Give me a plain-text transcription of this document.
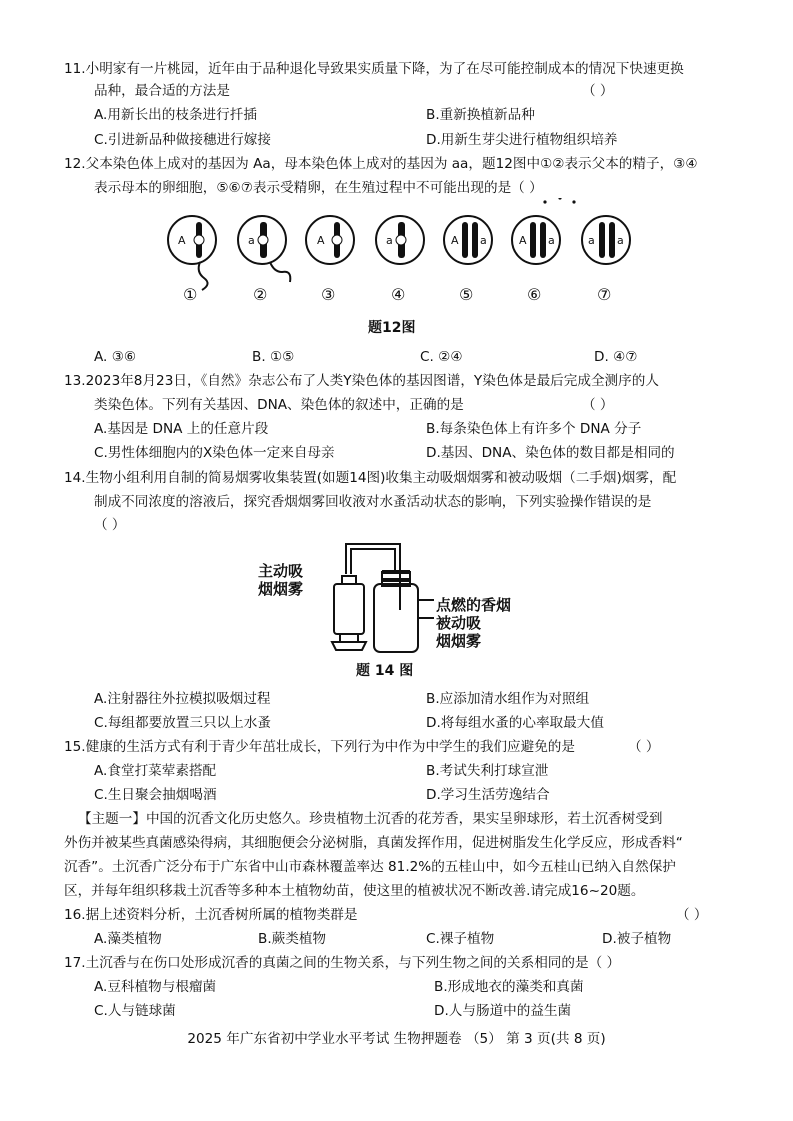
11.小明家有一片桃园，近年由于品种退化导致果实质量下降，为了在尽可能控制成本的情况下快速更换
品种，最合适的方法是	（ ）
A.用新长出的枝条进行扦插	B.重新换植新品种
C.引进新品种做接穗进行嫁接	D.用新生芽尖进行植物组织培养
12.父本染色体上成对的基因为 Aa，母本染色体上成对的基因为 aa，题12图中①②表示父本的精子，③④
表示母本的卵细胞，⑤⑥⑦表示受精卵，在生殖过程中不可能出现的是（ ）
A	a	A	a	A a	A a	a a
①	②	③	④	⑤	⑥	⑦
题12图
A. ③⑥	B. ①⑤	C. ②④	D. ④⑦
13.2023年8月23日，《自然》杂志公布了人类Y染色体的基因图谱，Y染色体是最后完成全测序的人
类染色体。下列有关基因、DNA、染色体的叙述中，正确的是	（ ）
A.基因是 DNA 上的任意片段	B.每条染色体上有许多个 DNA 分子
C.男性体细胞内的X染色体一定来自母亲	D.基因、DNA、染色体的数目都是相同的
14.生物小组利用自制的简易烟雾收集装置(如题14图)收集主动吸烟烟雾和被动吸烟（二手烟)烟雾，配
制成不同浓度的溶液后，探究香烟烟雾回收液对水蚤活动状态的影响，下列实验操作错误的是
（ ）
主动吸
烟烟雾
点燃的香烟
被动吸
烟烟雾
题 14 图
A.注射器往外拉模拟吸烟过程	B.应添加清水组作为对照组
C.每组都要放置三只以上水蚤	D.将每组水蚤的心率取最大值
15.健康的生活方式有利于青少年茁壮成长，下列行为中作为中学生的我们应避免的是	（ ）
A.食堂打菜荤素搭配	B.考试失利打球宣泄
C.生日聚会抽烟喝酒	D.学习生活劳逸结合
【主题一】中国的沉香文化历史悠久。珍贵植物土沉香的花芳香，果实呈卵球形，若土沉香树受到
外伤并被某些真菌感染得病，其细胞便会分泌树脂，真菌发挥作用，促进树脂发生化学反应，形成香料“
沉香”。土沉香广泛分布于广东省中山市森林覆盖率达 81.2%的五桂山中，如今五桂山已纳入自然保护
区，并每年组织移栽土沉香等多种本土植物幼苗，使这里的植被状况不断改善.请完成16~20题。
16.据上述资料分析，土沉香树所属的植物类群是	（ ）
A.藻类植物	B.蕨类植物	C.裸子植物	D.被子植物
17.土沉香与在伤口处形成沉香的真菌之间的生物关系，与下列生物之间的关系相同的是（ ）
A.豆科植物与根瘤菌	B.形成地衣的藻类和真菌
C.人与链球菌	D.人与肠道中的益生菌
2025 年广东省初中学业水平考试 生物押题卷 （5） 第 3 页(共 8 页)
